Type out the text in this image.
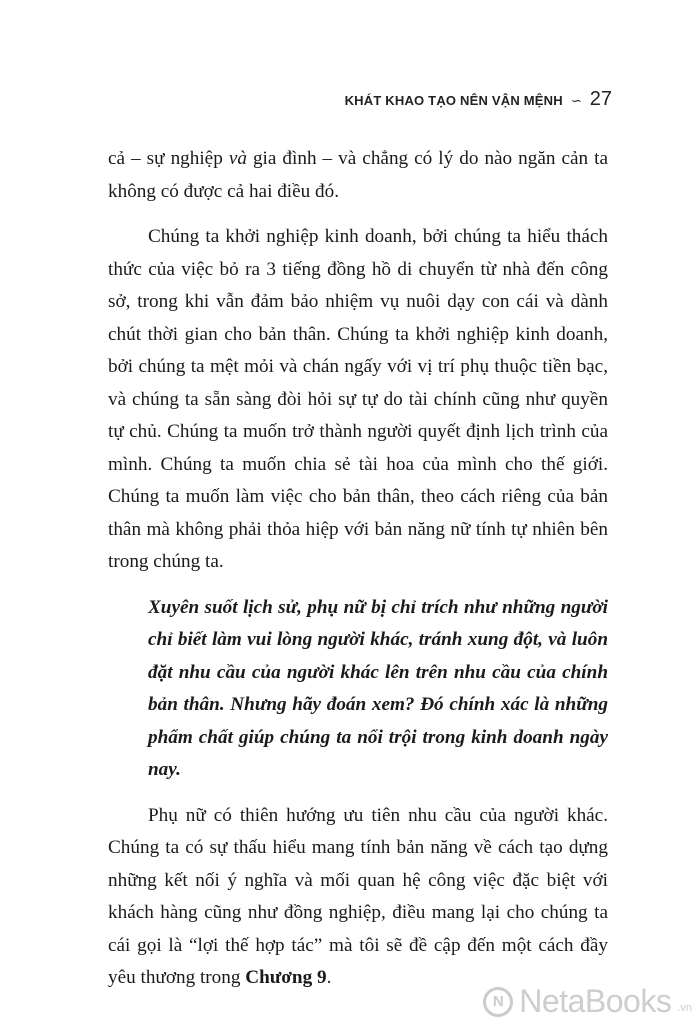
KHÁT KHAO TẠO NÊN VẬN MỆNH ∽ 27

cả – sự nghiệp và gia đình – và chẳng có lý do nào ngăn cản ta không có được cả hai điều đó.

Chúng ta khởi nghiệp kinh doanh, bởi chúng ta hiểu thách thức của việc bỏ ra 3 tiếng đồng hồ di chuyển từ nhà đến công sở, trong khi vẫn đảm bảo nhiệm vụ nuôi dạy con cái và dành chút thời gian cho bản thân. Chúng ta khởi nghiệp kinh doanh, bởi chúng ta mệt mỏi và chán ngấy với vị trí phụ thuộc tiền bạc, và chúng ta sẵn sàng đòi hỏi sự tự do tài chính cũng như quyền tự chủ. Chúng ta muốn trở thành người quyết định lịch trình của mình. Chúng ta muốn chia sẻ tài hoa của mình cho thế giới. Chúng ta muốn làm việc cho bản thân, theo cách riêng của bản thân mà không phải thỏa hiệp với bản năng nữ tính tự nhiên bên trong chúng ta.

Xuyên suốt lịch sử, phụ nữ bị chỉ trích như những người chỉ biết làm vui lòng người khác, tránh xung đột, và luôn đặt nhu cầu của người khác lên trên nhu cầu của chính bản thân. Nhưng hãy đoán xem? Đó chính xác là những phẩm chất giúp chúng ta nổi trội trong kinh doanh ngày nay.

Phụ nữ có thiên hướng ưu tiên nhu cầu của người khác. Chúng ta có sự thấu hiểu mang tính bản năng về cách tạo dựng những kết nối ý nghĩa và mối quan hệ công việc đặc biệt với khách hàng cũng như đồng nghiệp, điều mang lại cho chúng ta cái gọi là “lợi thế hợp tác” mà tôi sẽ đề cập đến một cách đầy yêu thương trong Chương 9.

N NetaBooks .vn
